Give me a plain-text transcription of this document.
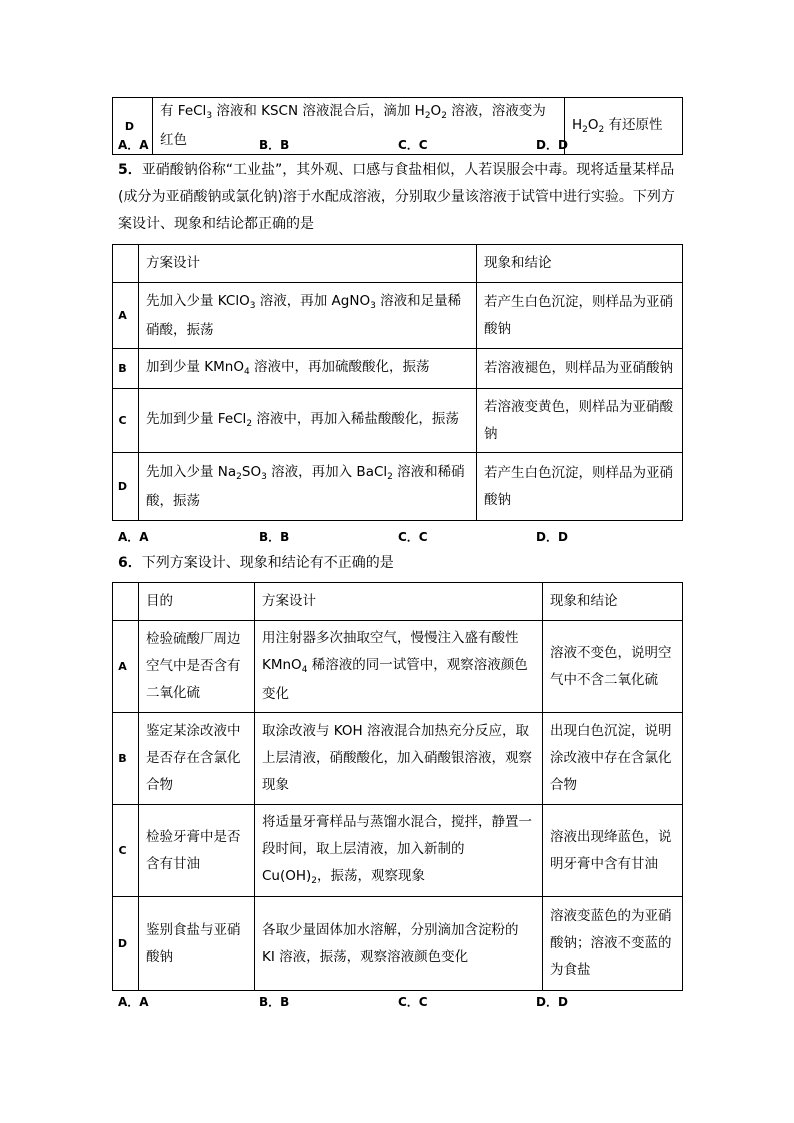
D	有 FeCl$_3$ 溶液和 KSCN 溶液混合后，滴加 $H_2O_2$ 溶液，溶液变为红色	$H_2O_2$ 有还原性
A．A	B．B	C．C	D．D
5．亚硝酸钠俗称“工业盐”，其外观、口感与食盐相似，人若误服会中毒。现将适量某样品(成分为亚硝酸钠或氯化钠)溶于水配成溶液，分别取少量该溶液于试管中进行实验。下列方案设计、现象和结论都正确的是
	方案设计	现象和结论
A	先加入少量 KClO$_3$ 溶液，再加 AgNO$_3$ 溶液和足量稀硝酸，振荡	若产生白色沉淀，则样品为亚硝酸钠
B	加到少量 KMnO$_4$ 溶液中，再加硫酸酸化，振荡	若溶液褪色，则样品为亚硝酸钠
C	先加到少量 FeCl$_2$ 溶液中，再加入稀盐酸酸化，振荡	若溶液变黄色，则样品为亚硝酸钠
D	先加入少量 $Na_2SO_3$ 溶液，再加入 BaCl$_2$ 溶液和稀硝酸，振荡	若产生白色沉淀，则样品为亚硝酸钠
A．A	B．B	C．C	D．D
6．下列方案设计、现象和结论有不正确的是
	目的	方案设计	现象和结论
A	检验硫酸厂周边空气中是否含有二氧化硫	用注射器多次抽取空气，慢慢注入盛有酸性 KMnO$_4$ 稀溶液的同一试管中，观察溶液颜色变化	溶液不变色，说明空气中不含二氧化硫
B	鉴定某涂改液中是否存在含氯化合物	取涂改液与 KOH 溶液混合加热充分反应，取上层清液，硝酸酸化，加入硝酸银溶液，观察现象	出现白色沉淀，说明涂改液中存在含氯化合物
C	检验牙膏中是否含有甘油	将适量牙膏样品与蒸馏水混合，搅拌，静置一段时间，取上层清液，加入新制的 $Cu(OH)_2$，振荡，观察现象	溶液出现绛蓝色，说明牙膏中含有甘油
D	鉴别食盐与亚硝酸钠	各取少量固体加水溶解，分别滴加含淀粉的 KI 溶液，振荡，观察溶液颜色变化	溶液变蓝色的为亚硝酸钠；溶液不变蓝的为食盐
A．A	B．B	C．C	D．D
